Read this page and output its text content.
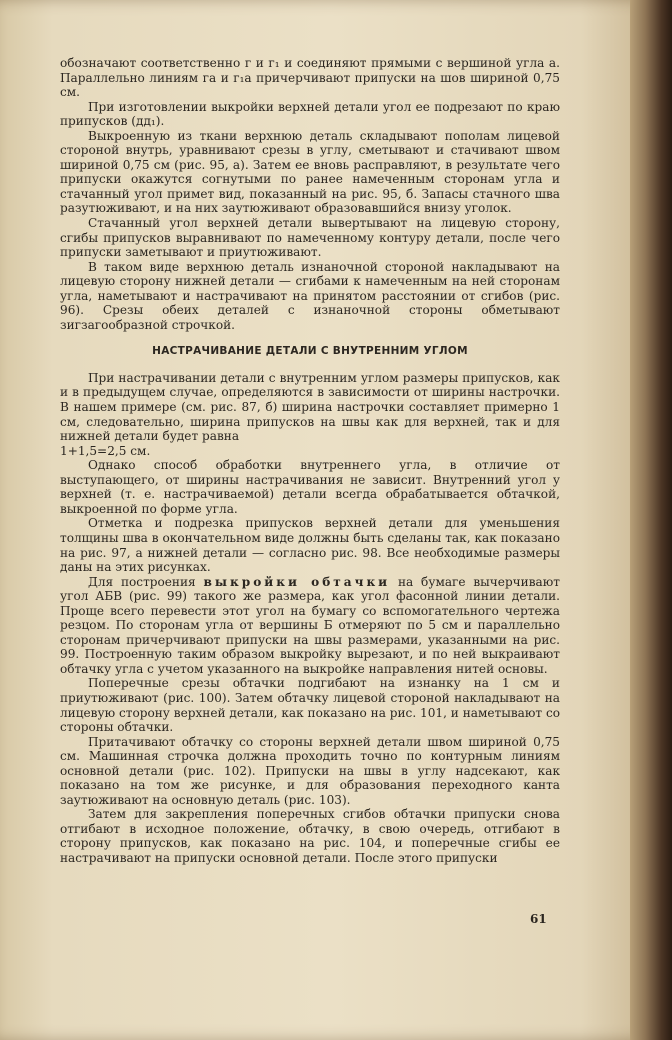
обозначают соответственно г и г₁ и соединяют прямыми с вершиной угла а. Параллельно линиям га и г₁а причерчивают припуски на шов шириной 0,75 см.

При изготовлении выкройки верхней детали угол ее подрезают по краю припусков (дд₁).

Выкроенную из ткани верхнюю деталь складывают пополам лицевой стороной внутрь, уравнивают срезы в углу, сметывают и стачивают швом шириной 0,75 см (рис. 95, а). Затем ее вновь расправляют, в результате чего припуски окажутся согнутыми по ранее намеченным сторонам угла и стачанный угол примет вид, показанный на рис. 95, б. Запасы стачного шва разутюживают, и на них заутюживают образовавшийся внизу уголок.

Стачанный угол верхней детали вывертывают на лицевую сторону, сгибы припусков выравнивают по намеченному контуру детали, после чего припуски заметывают и приутюживают.

В таком виде верхнюю деталь изнаночной стороной накладывают на лицевую сторону нижней детали — сгибами к намеченным на ней сторонам угла, наметывают и настрачивают на принятом расстоянии от сгибов (рис. 96). Срезы обеих деталей с изнаночной стороны обметывают зигзагообразной строчкой.

НАСТРАЧИВАНИЕ ДЕТАЛИ С ВНУТРЕННИМ УГЛОМ

При настрачивании детали с внутренним углом размеры припусков, как и в предыдущем случае, определяются в зависимости от ширины настрочки. В нашем примере (см. рис. 87, б) ширина настрочки составляет примерно 1 см, следовательно, ширина припусков на швы как для верхней, так и для нижней детали будет равна

1+1,5=2,5 см.

Однако способ обработки внутреннего угла, в отличие от выступающего, от ширины настрачивания не зависит. Внутренний угол у верхней (т. е. настрачиваемой) детали всегда обрабатывается обтачкой, выкроенной по форме угла.

Отметка и подрезка припусков верхней детали для уменьшения толщины шва в окончательном виде должны быть сделаны так, как показано на рис. 97, а нижней детали — согласно рис. 98. Все необходимые размеры даны на этих рисунках.

Для построения выкройки обтачки на бумаге вычерчивают угол АБВ (рис. 99) такого же размера, как угол фасонной линии детали. Проще всего перевести этот угол на бумагу со вспомогательного чертежа резцом. По сторонам угла от вершины Б отмеряют по 5 см и параллельно сторонам причерчивают припуски на швы размерами, указанными на рис. 99. Построенную таким образом выкройку вырезают, и по ней выкраивают обтачку угла с учетом указанного на выкройке направления нитей основы.

Поперечные срезы обтачки подгибают на изнанку на 1 см и приутюживают (рис. 100). Затем обтачку лицевой стороной накладывают на лицевую сторону верхней детали, как показано на рис. 101, и наметывают со стороны обтачки.

Притачивают обтачку со стороны верхней детали швом шириной 0,75 см. Машинная строчка должна проходить точно по контурным линиям основной детали (рис. 102). Припуски на швы в углу надсекают, как показано на том же рисунке, и для образования переходного канта заутюживают на основную деталь (рис. 103).

Затем для закрепления поперечных сгибов обтачки припуски снова отгибают в исходное положение, обтачку, в свою очередь, отгибают в сторону припусков, как показано на рис. 104, и поперечные сгибы ее настрачивают на припуски основной детали. После этого припуски

61
